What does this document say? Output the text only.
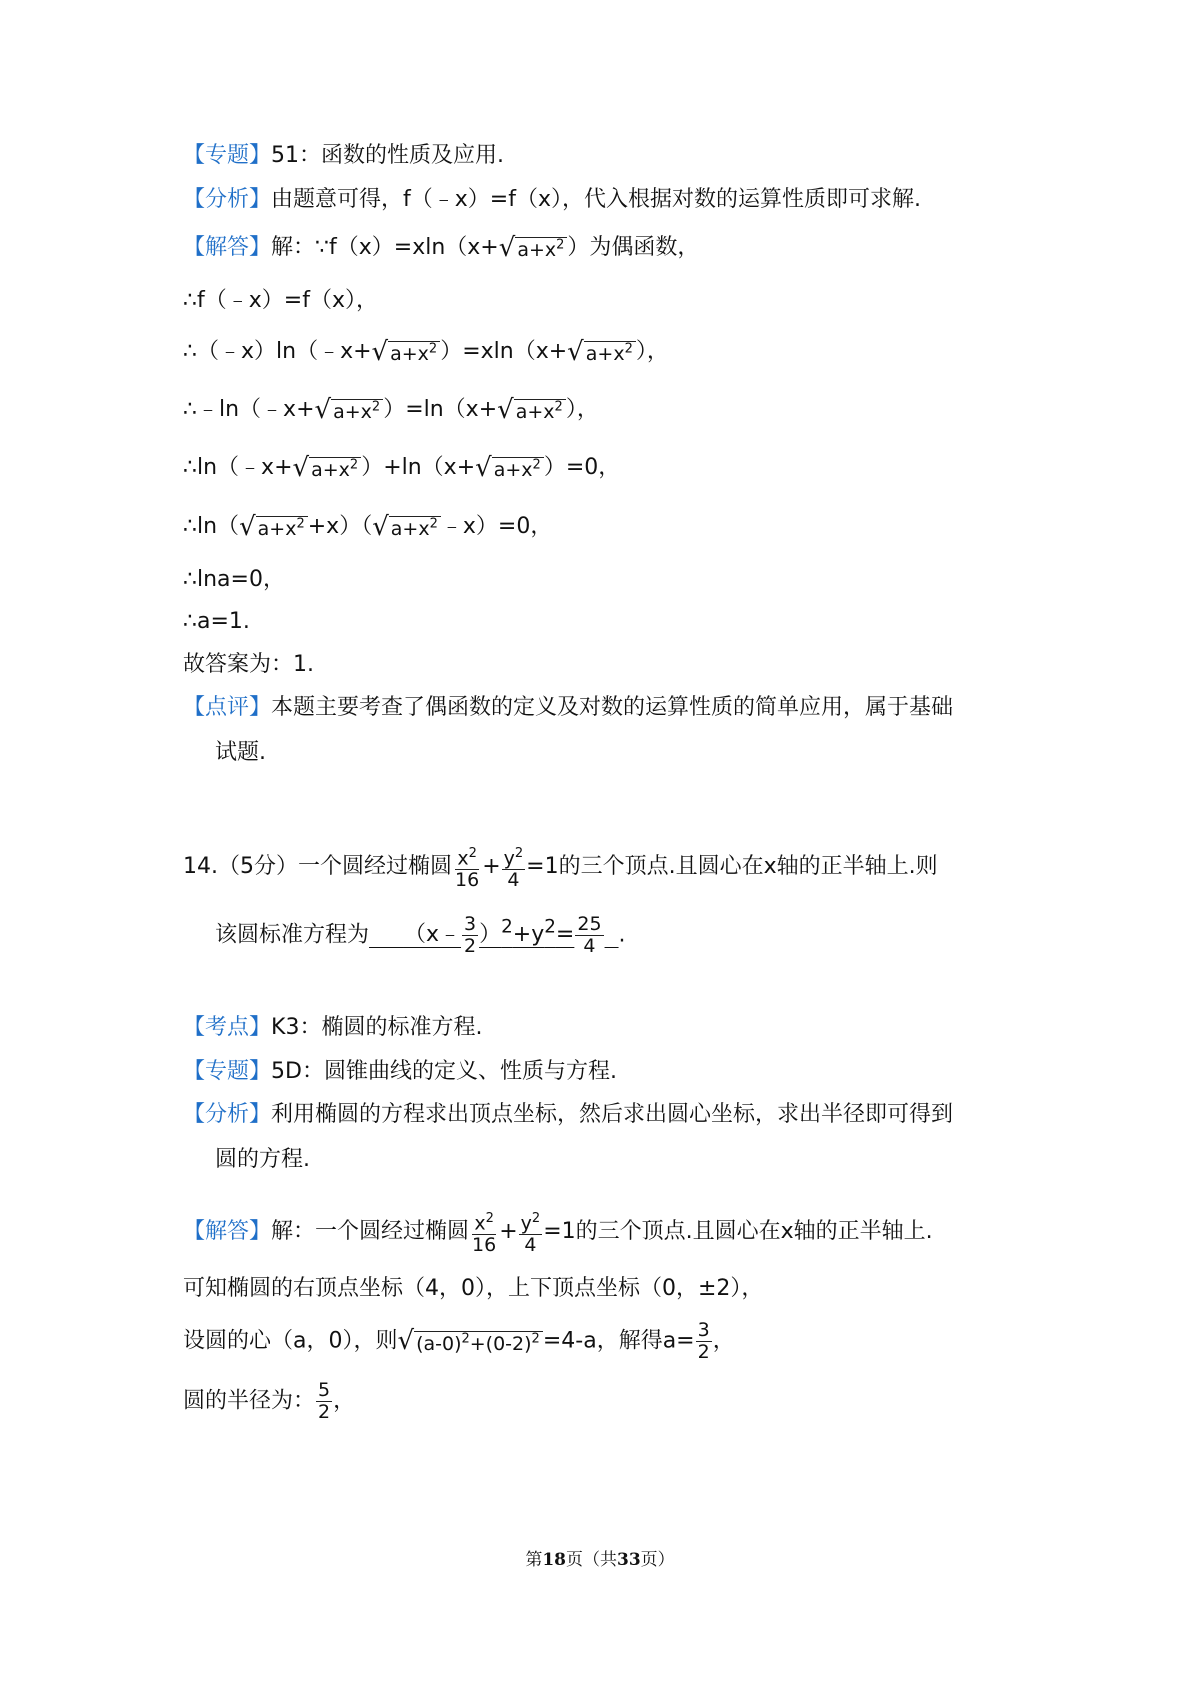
【专题】51：函数的性质及应用.
【分析】由题意可得，f（﹣x）=f（x），代入根据对数的运算性质即可求解.
【解答】解：∵f（x）=xln（x+√ $a+x^2$ ）为偶函数，
∴f（﹣x）=f（x），
∴（﹣x）ln（﹣x+√ $a+x^2$ ）=xln（x+√ $a+x^2$ ），
∴﹣ln（﹣x+√ $a+x^2$ ）=ln（x+√ $a+x^2$ ），
∴ln（﹣x+√ $a+x^2$ ）+ln（x+√ $a+x^2$ ）=0，
∴ln（√ $a+x^2 +x)(√$ $a+x^2$ ﹣x）=0，
∴lna=0，
∴a=1.
故答案为：1.
【点评】本题主要考查了偶函数的定义及对数的运算性质的简单应用，属于基础
试题.
14.（5分）一个圆经过椭圆 $\frac{x^2}{16} + \frac{y^2}{4} =1$的三个顶点.且圆心在x轴的正半轴上.则
该圆标准方程为 （x﹣ $\frac{3}{2} )^2+y^2= \frac{25}{4}$ .
【考点】K3：椭圆的标准方程.
【专题】5D：圆锥曲线的定义、性质与方程.
【分析】利用椭圆的方程求出顶点坐标，然后求出圆心坐标，求出半径即可得到
圆的方程.
【解答】解：一个圆经过椭圆 $\frac{x^2}{16} + \frac{y^2}{4} =1$的三个顶点.且圆心在x轴的正半轴上.
可知椭圆的右顶点坐标（4，0），上下顶点坐标（0，±2），
设圆的心（a，0），则√ $(a-0)^2+(0-2)^2 =4-a$，解得$a= \frac{3}{2}$ ，
圆的半径为： $\frac{5}{2}$ ，
第18页（共33页）
